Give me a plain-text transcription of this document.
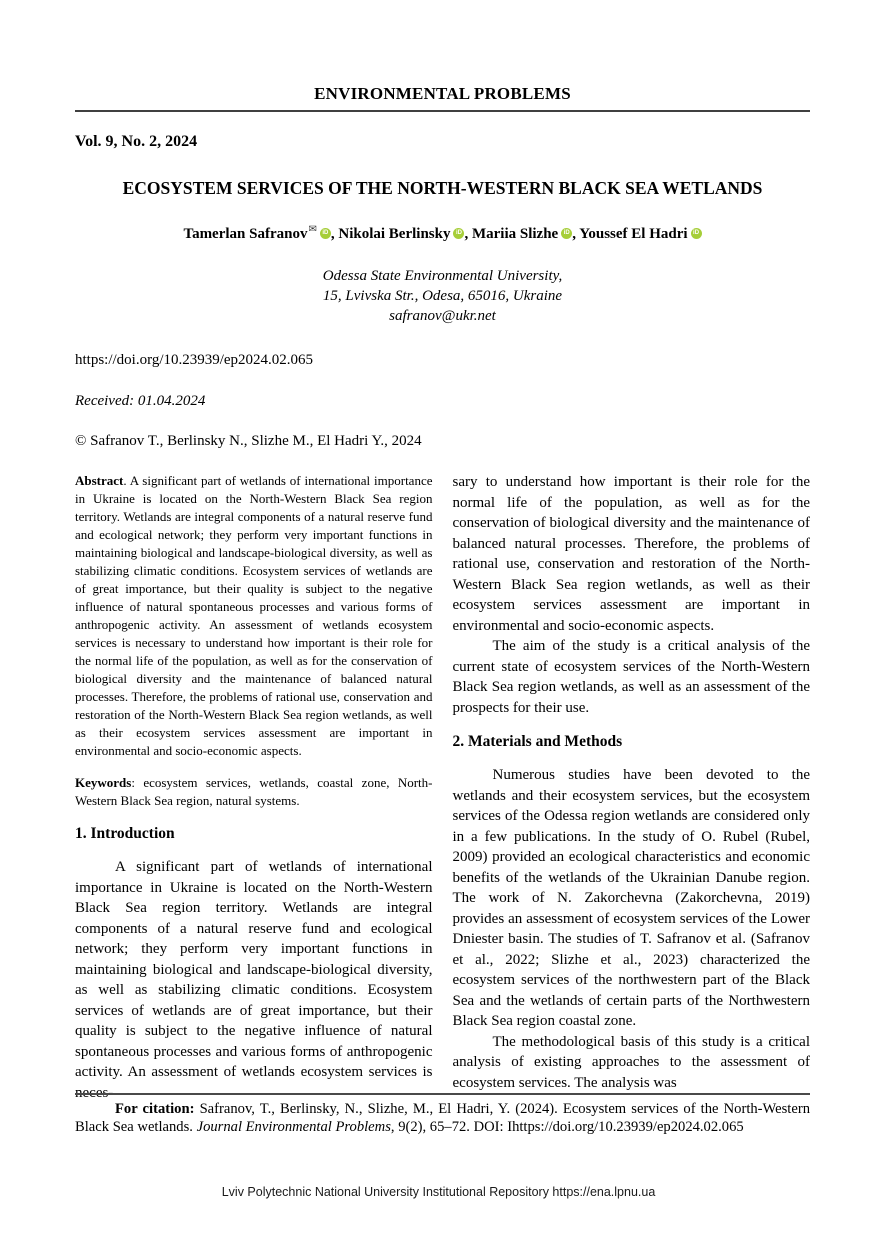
ENVIRONMENTAL PROBLEMS
Vol. 9, No. 2, 2024
ECOSYSTEM SERVICES OF THE NORTH-WESTERN BLACK SEA WETLANDS
Tamerlan Safranov✉ iD , Nikolai Berlinsky iD , Mariia Slizhe iD , Youssef El Hadri iD
Odessa State Environmental University,
15, Lvivska Str., Odesa, 65016, Ukraine
safranov@ukr.net
https://doi.org/10.23939/ep2024.02.065
Received: 01.04.2024
© Safranov T., Berlinsky N., Slizhe M., El Hadri Y., 2024
Abstract. A significant part of wetlands of international importance in Ukraine is located on the North-Western Black Sea region territory. Wetlands are integral components of a natural reserve fund and ecological network; they perform very important functions in maintaining biological and landscape-biological diversity, as well as stabilizing climatic conditions. Ecosystem services of wetlands are of great importance, but their quality is subject to the negative influence of natural spontaneous processes and various forms of anthropogenic activity. An assessment of wetlands ecosystem services is necessary to understand how important is their role for the normal life of the population, as well as for the conservation of biological diversity and the maintenance of balanced natural processes. Therefore, the problems of rational use, conservation and restoration of the North-Western Black Sea region wetlands, as well as their ecosystem services assessment are important in environmental and socio-economic aspects.
Keywords: ecosystem services, wetlands, coastal zone, North-Western Black Sea region, natural systems.
1. Introduction

A significant part of wetlands of international importance in Ukraine is located on the North-Western Black Sea region territory. Wetlands are integral components of a natural reserve fund and ecological network; they perform very important functions in maintaining biological and landscape-biological diversity, as well as stabilizing climatic conditions. Ecosystem services of wetlands are of great importance, but their quality is subject to the negative influence of natural spontaneous processes and various forms of anthropogenic activity. An assessment of wetlands ecosystem services is neces-

sary to understand how important is their role for the normal life of the population, as well as for the conservation of biological diversity and the maintenance of balanced natural processes. Therefore, the problems of rational use, conservation and restoration of the North-Western Black Sea region wetlands, as well as their ecosystem services assessment are important in environmental and socio-economic aspects.

The aim of the study is a critical analysis of the current state of ecosystem services of the North-Western Black Sea region wetlands, as well as an assessment of the prospects for their use.

2. Materials and Methods

Numerous studies have been devoted to the wetlands and their ecosystem services, but the ecosystem services of the Odessa region wetlands are considered only in a few publications. In the study of O. Rubel (Rubel, 2009) provided an ecological characteristics and economic benefits of the wetlands of the Ukrainian Danube region. The work of N. Zakorchevna (Zakorchevna, 2019) provides an assessment of ecosystem services of the Lower Dniester basin. The studies of T. Safranov et al. (Safranov et al., 2022; Slizhe et al., 2023) characterized the ecosystem services of the northwestern part of the Black Sea and the wetlands of certain parts of the Northwestern Black Sea region coastal zone.

The methodological basis of this study is a critical analysis of existing approaches to the assessment of ecosystem services. The analysis was

For citation: Safranov, T., Berlinsky, N., Slizhe, M., El Hadri, Y. (2024). Ecosystem services of the North-Western Black Sea wetlands. Journal Environmental Problems, 9(2), 65–72. DOI: Ihttps://doi.org/10.23939/ep2024.02.065
Lviv Polytechnic National University Institutional Repository https://ena.lpnu.ua
